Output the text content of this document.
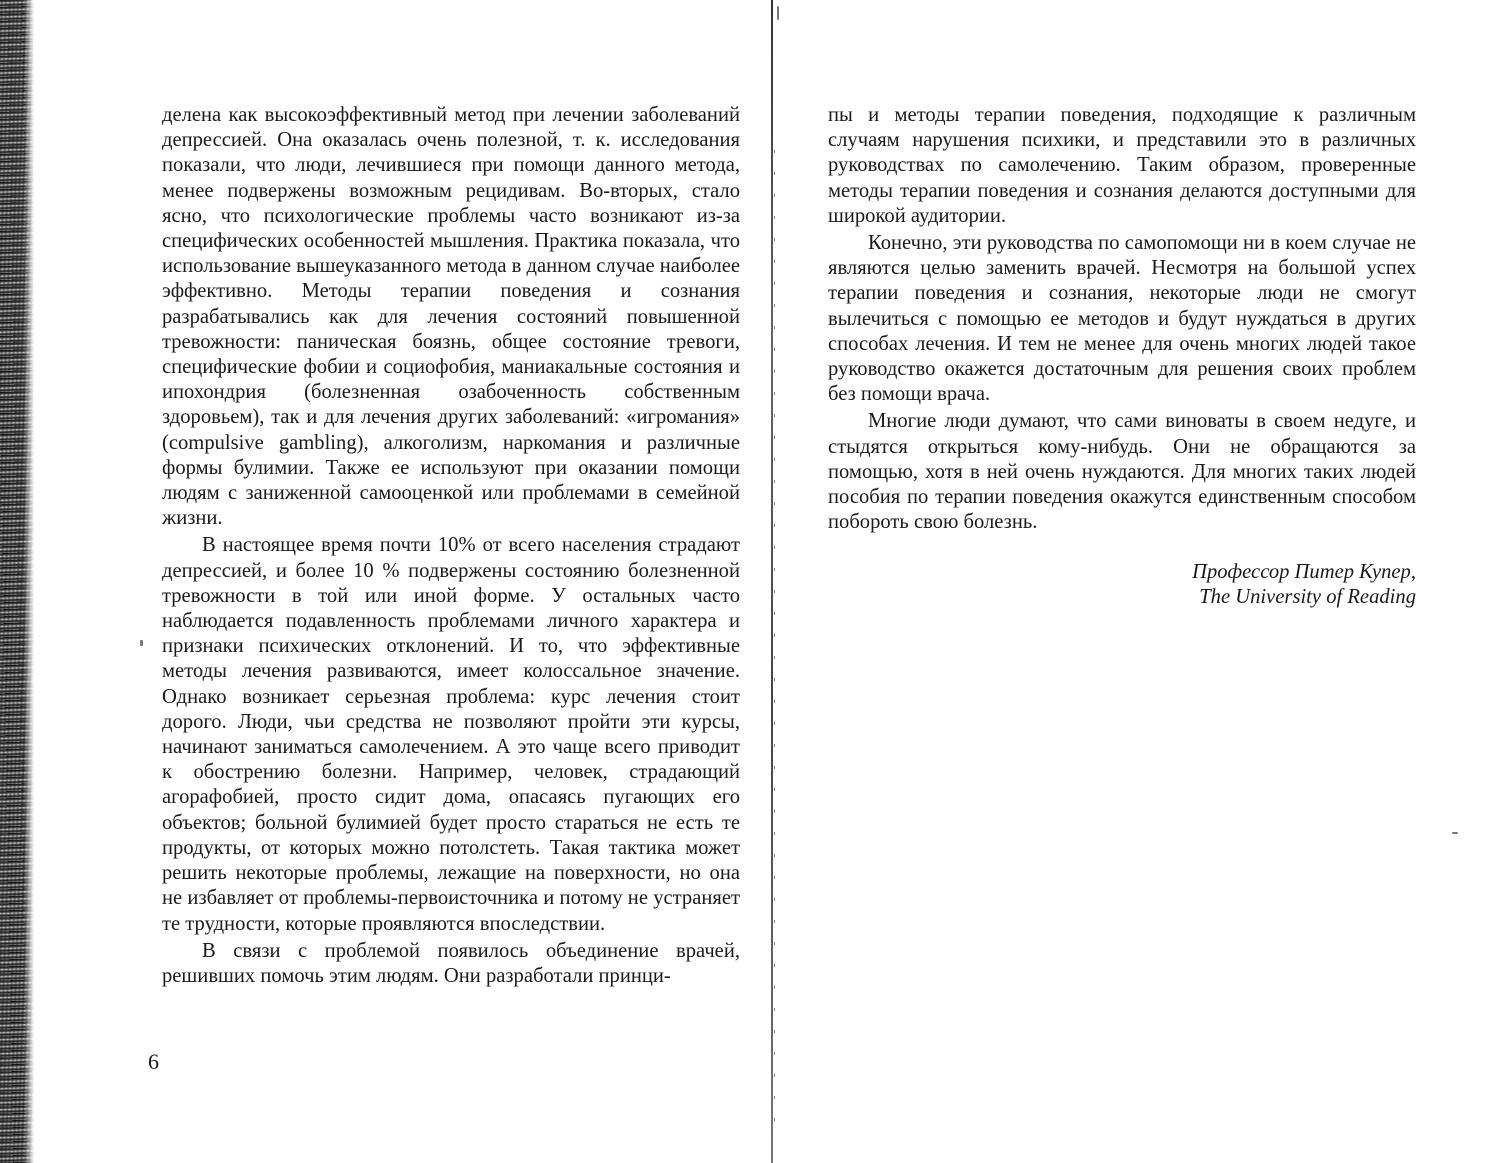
делена как высокоэффективный метод при лечении заболеваний депрессией. Она оказалась очень полезной, т. к. исследования показали, что люди, лечившиеся при помощи данного метода, менее подвержены возможным рецидивам. Во-вторых, стало ясно, что психологические проблемы часто возникают из-за специфических особенностей мышления. Практика показала, что использование вышеуказанного метода в данном случае наиболее эффективно. Методы терапии поведения и сознания разрабатывались как для лечения состояний повышенной тревожности: паническая боязнь, общее состояние тревоги, специфические фобии и социофобия, маниакальные состояния и ипохондрия (болезненная озабоченность собственным здоровьем), так и для лечения других заболеваний: «игромания» (compulsive gambling), алкоголизм, наркомания и различные формы булимии. Также ее используют при оказании помощи людям с заниженной самооценкой или проблемами в семейной жизни.

В настоящее время почти 10% от всего населения страдают депрессией, и более 10 % подвержены состоянию болезненной тревожности в той или иной форме. У остальных часто наблюдается подавленность проблемами личного характера и признаки психических отклонений. И то, что эффективные методы лечения развиваются, имеет колоссальное значение. Однако возникает серьезная проблема: курс лечения стоит дорого. Люди, чьи средства не позволяют пройти эти курсы, начинают заниматься самолечением. А это чаще всего приводит к обострению болезни. Например, человек, страдающий агорафобией, просто сидит дома, опасаясь пугающих его объектов; больной булимией будет просто стараться не есть те продукты, от которых можно потолстеть. Такая тактика может решить некоторые проблемы, лежащие на поверхности, но она не избавляет от проблемы-первоисточника и потому не устраняет те трудности, которые проявляются впоследствии.

В связи с проблемой появилось объединение врачей, решивших помочь этим людям. Они разработали принци-

6

пы и методы терапии поведения, подходящие к различным случаям нарушения психики, и представили это в различных руководствах по самолечению. Таким образом, проверенные методы терапии поведения и сознания делаются доступными для широкой аудитории.

Конечно, эти руководства по самопомощи ни в коем случае не являются целью заменить врачей. Несмотря на большой успех терапии поведения и сознания, некоторые люди не смогут вылечиться с помощью ее методов и будут нуждаться в других способах лечения. И тем не менее для очень многих людей такое руководство окажется достаточным для решения своих проблем без помощи врача.

Многие люди думают, что сами виноваты в своем недуге, и стыдятся открыться кому-нибудь. Они не обращаются за помощью, хотя в ней очень нуждаются. Для многих таких людей пособия по терапии поведения окажутся единственным способом побороть свою болезнь.

Профессор Питер Купер,
The University of Reading
